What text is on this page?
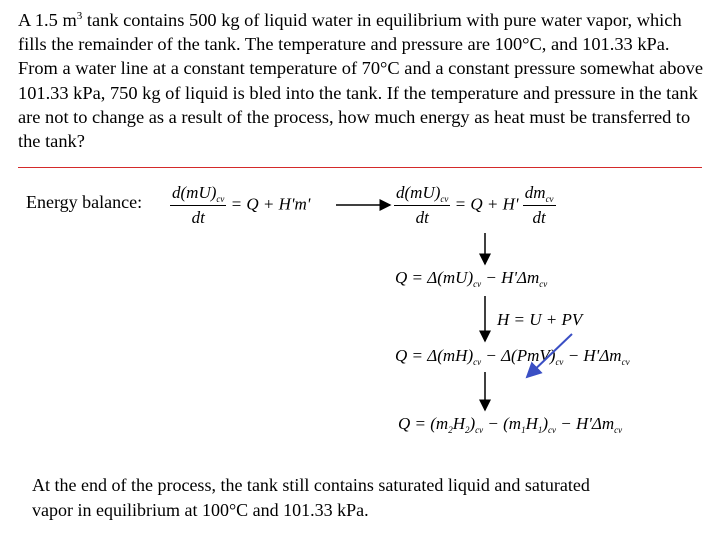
A 1.5 $m^3$ tank contains 500 kg of liquid water in equilibrium with pure water vapor, which fills the remainder of the tank. The temperature and pressure are 100°C, and 101.33 kPa. From a water line at a constant temperature of 70°C and a constant pressure somewhat above 101.33 kPa, 750 kg of liquid is bled into the tank. If the temperature and pressure in the tank are not to change as a result of the process, how much energy as heat must be transferred to the tank?
Energy balance: $\frac{d(mU)_{cv}}{dt} = Q + H'm'$	$\frac{d(mU)_{cv}}{dt} = Q + H' \frac{dm_{cv}}{dt}$
$Q = \Delta(mU)_{cv} - H'\Delta m_{cv}$
H = U + PV
$Q = \Delta(mH)_{cv} - \Delta(PmV)_{cv} - H'\Delta m_{cv}$
$Q = (m_2H_2)_{cv} - (m_1H_1)_{cv} - H'\Delta m_{cv}$
At the end of the process, the tank still contains saturated liquid and saturated vapor in equilibrium at 100°C and 101.33 kPa.
